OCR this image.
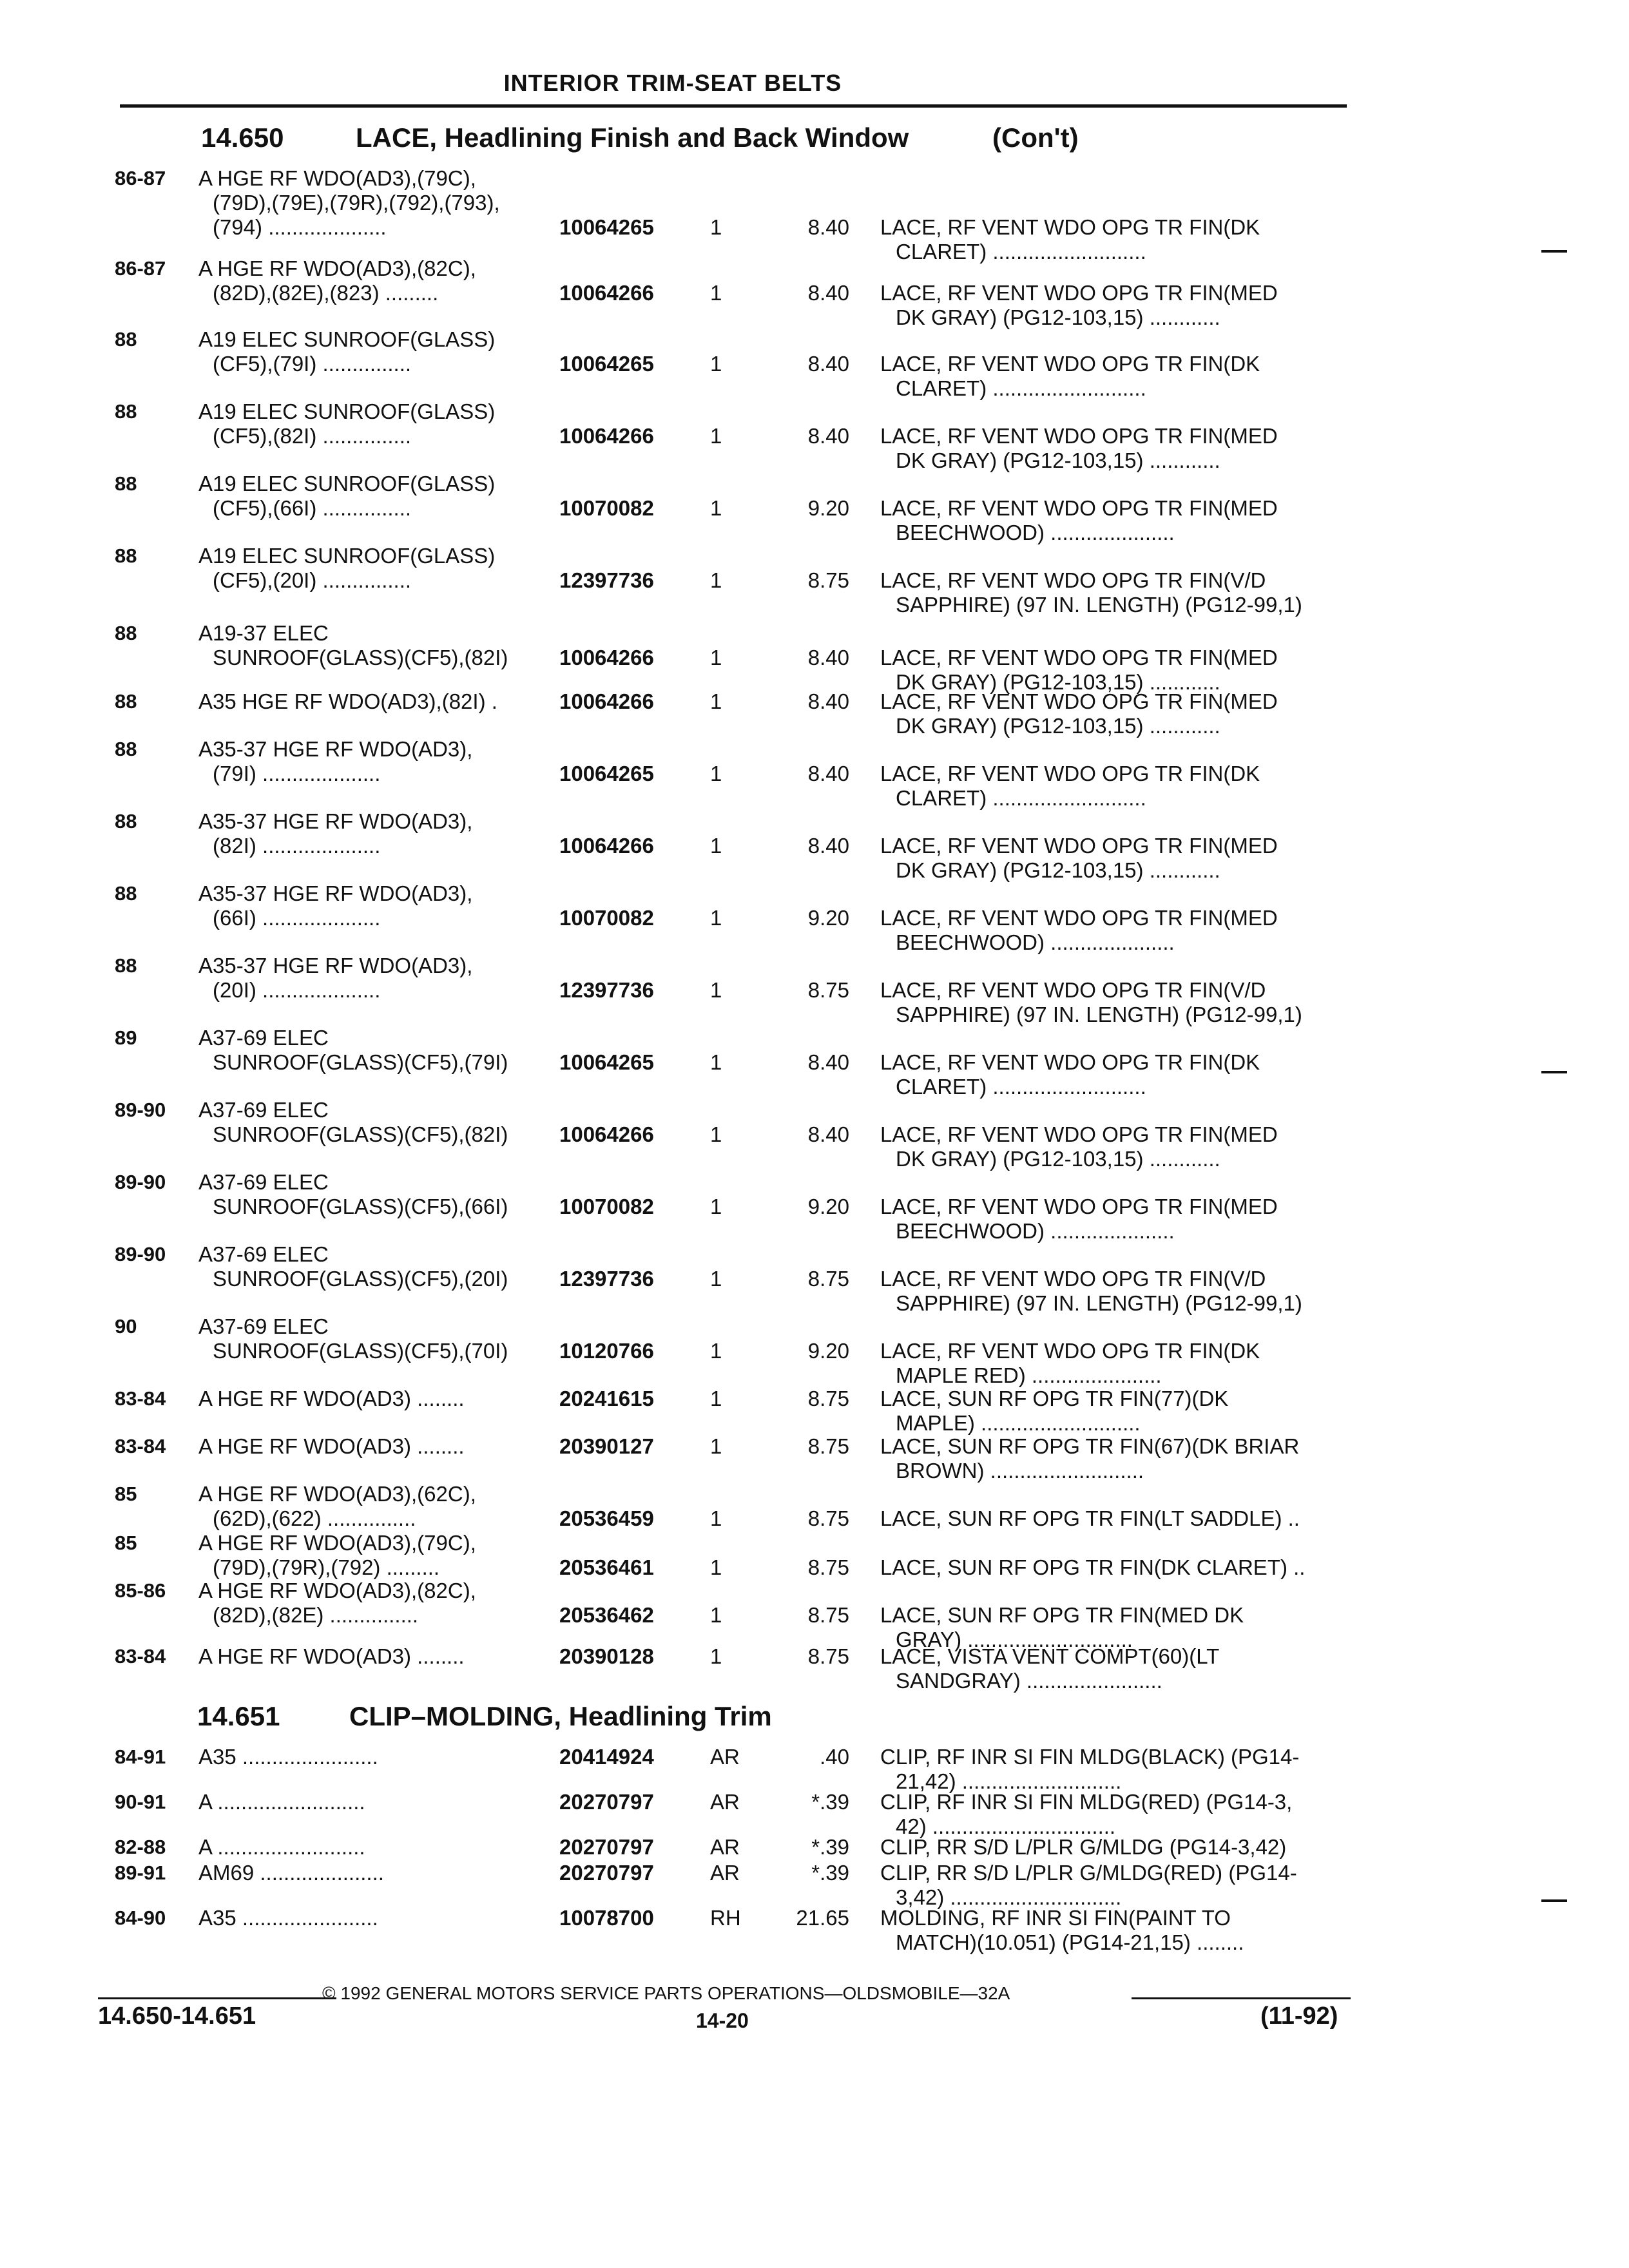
INTERIOR TRIM-SEAT BELTS
14.650	LACE, Headlining Finish and Back Window	(Con't)
14.651	CLIP–MOLDING, Headlining Trim
86-87 A HGE RF WDO(AD3),(79C),
(79D),(79E),(79R),(792),(793),
(794) ....................	10064265	1	8.40 LACE, RF VENT WDO OPG TR FIN(DK
CLARET) ..........................
86-87 A HGE RF WDO(AD3),(82C),
(82D),(82E),(823) .........	10064266	1	8.40 LACE, RF VENT WDO OPG TR FIN(MED
DK GRAY) (PG12-103,15) ............
88	A19 ELEC SUNROOF(GLASS)
(CF5),(79I) ...............	10064265	1	8.40 LACE, RF VENT WDO OPG TR FIN(DK
CLARET) ..........................
88	A19 ELEC SUNROOF(GLASS)
(CF5),(82I) ...............	10064266	1	8.40 LACE, RF VENT WDO OPG TR FIN(MED
DK GRAY) (PG12-103,15) ............
88	A19 ELEC SUNROOF(GLASS)
(CF5),(66I) ...............	10070082	1	9.20 LACE, RF VENT WDO OPG TR FIN(MED
BEECHWOOD) .....................
88	A19 ELEC SUNROOF(GLASS)
(CF5),(20I) ...............	12397736	1	8.75 LACE, RF VENT WDO OPG TR FIN(V/D
SAPPHIRE) (97 IN. LENGTH) (PG12-99,1)
88	A19-37 ELEC
SUNROOF(GLASS)(CF5),(82I) 10064266	1	8.40 LACE, RF VENT WDO OPG TR FIN(MED
DK GRAY) (PG12-103,15) ............
88	A35 HGE RF WDO(AD3),(82I) .	10064266	1	8.40 LACE, RF VENT WDO OPG TR FIN(MED
DK GRAY) (PG12-103,15) ............
88	A35-37 HGE RF WDO(AD3),
(79I) ....................	10064265	1	8.40 LACE, RF VENT WDO OPG TR FIN(DK
CLARET) ..........................
88	A35-37 HGE RF WDO(AD3),
(82I) ....................	10064266	1	8.40 LACE, RF VENT WDO OPG TR FIN(MED
DK GRAY) (PG12-103,15) ............
88	A35-37 HGE RF WDO(AD3),
(66I) ....................	10070082	1	9.20 LACE, RF VENT WDO OPG TR FIN(MED
BEECHWOOD) .....................
88	A35-37 HGE RF WDO(AD3),
(20I) ....................	12397736	1	8.75 LACE, RF VENT WDO OPG TR FIN(V/D
SAPPHIRE) (97 IN. LENGTH) (PG12-99,1)
89	A37-69 ELEC
SUNROOF(GLASS)(CF5),(79I) 10064265	1	8.40 LACE, RF VENT WDO OPG TR FIN(DK
CLARET) ..........................
89-90 A37-69 ELEC
SUNROOF(GLASS)(CF5),(82I) 10064266	1	8.40 LACE, RF VENT WDO OPG TR FIN(MED
DK GRAY) (PG12-103,15) ............
89-90 A37-69 ELEC
SUNROOF(GLASS)(CF5),(66I) 10070082	1	9.20 LACE, RF VENT WDO OPG TR FIN(MED
BEECHWOOD) .....................
89-90 A37-69 ELEC
SUNROOF(GLASS)(CF5),(20I) 12397736	1	8.75 LACE, RF VENT WDO OPG TR FIN(V/D
SAPPHIRE) (97 IN. LENGTH) (PG12-99,1)
90	A37-69 ELEC
SUNROOF(GLASS)(CF5),(70I) 10120766	1	9.20 LACE, RF VENT WDO OPG TR FIN(DK
MAPLE RED) ......................
83-84 A HGE RF WDO(AD3) ........	20241615	1	8.75 LACE, SUN RF OPG TR FIN(77)(DK
MAPLE) ...........................
83-84 A HGE RF WDO(AD3) ........	20390127	1	8.75 LACE, SUN RF OPG TR FIN(67)(DK BRIAR
BROWN) ..........................
85	A HGE RF WDO(AD3),(62C),
(62D),(622) ...............	20536459	1	8.75 LACE, SUN RF OPG TR FIN(LT SADDLE) ..
85	A HGE RF WDO(AD3),(79C),
(79D),(79R),(792) .........	20536461	1	8.75 LACE, SUN RF OPG TR FIN(DK CLARET) ..
85-86 A HGE RF WDO(AD3),(82C),
(82D),(82E) ...............	20536462	1	8.75 LACE, SUN RF OPG TR FIN(MED DK
GRAY) ............................
83-84 A HGE RF WDO(AD3) ........	20390128	1	8.75 LACE, VISTA VENT COMPT(60)(LT
SANDGRAY) .......................
84-91 A35 .......................	20414924	AR	.40 CLIP, RF INR SI FIN MLDG(BLACK) (PG14-
21,42) ...........................
90-91 A .........................	20270797	AR	*.39 CLIP, RF INR SI FIN MLDG(RED) (PG14-3,
42) ...............................
82-88 A .........................	20270797	AR	*.39 CLIP, RR S/D L/PLR G/MLDG (PG14-3,42)
89-91 AM69 .....................	20270797	AR	*.39 CLIP, RR S/D L/PLR G/MLDG(RED) (PG14-
3,42) .............................
84-90 A35 .......................	10078700	RH	21.65 MOLDING, RF INR SI FIN(PAINT TO
MATCH)(10.051) (PG14-21,15) ........
© 1992 GENERAL MOTORS SERVICE PARTS OPERATIONS—OLDSMOBILE—32A
14.650-14.651	14-20	(11-92)
